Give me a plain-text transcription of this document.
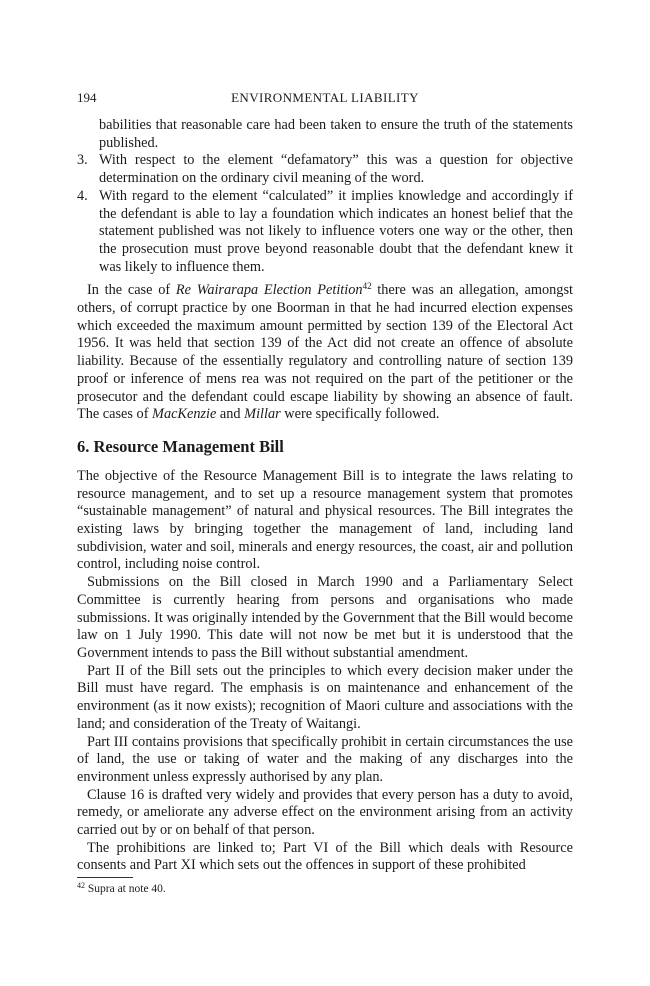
194	ENVIRONMENTAL LIABILITY

babilities that reasonable care had been taken to ensure the truth of the statements published.

3. With respect to the element “defamatory” this was a question for objective determination on the ordinary civil meaning of the word.

4. With regard to the element “calculated” it implies knowledge and accordingly if the defendant is able to lay a foundation which indicates an honest belief that the statement published was not likely to influence voters one way or the other, then the prosecution must prove beyond reasonable doubt that the defendant knew it was likely to influence them.

In the case of Re Wairarapa Election Petition$^{42}$ there was an allegation, amongst others, of corrupt practice by one Boorman in that he had incurred election expenses which exceeded the maximum amount permitted by section 139 of the Electoral Act 1956. It was held that section 139 of the Act did not create an offence of absolute liability. Because of the essentially regulatory and controlling nature of section 139 proof or inference of mens rea was not required on the part of the petitioner or the prosecutor and the defendant could escape liability by showing an absence of fault. The cases of MacKenzie and Millar were specifically followed.

6. Resource Management Bill

The objective of the Resource Management Bill is to integrate the laws relating to resource management, and to set up a resource management system that promotes “sustainable management” of natural and physical resources. The Bill integrates the existing laws by bringing together the management of land, including land subdivision, water and soil, minerals and energy resources, the coast, air and pollution control, including noise control.

Submissions on the Bill closed in March 1990 and a Parliamentary Select Committee is currently hearing from persons and organisations who made submissions. It was originally intended by the Government that the Bill would become law on 1 July 1990. This date will not now be met but it is understood that the Government intends to pass the Bill without substantial amendment.

Part II of the Bill sets out the principles to which every decision maker under the Bill must have regard. The emphasis is on maintenance and enhancement of the environment (as it now exists); recognition of Maori culture and associations with the land; and consideration of the Treaty of Waitangi.

Part III contains provisions that specifically prohibit in certain circumstances the use of land, the use or taking of water and the making of any discharges into the environment unless expressly authorised by any plan.

Clause 16 is drafted very widely and provides that every person has a duty to avoid, remedy, or ameliorate any adverse effect on the environment arising from an activity carried out by or on behalf of that person.

The prohibitions are linked to; Part VI of the Bill which deals with Resource consents and Part XI which sets out the offences in support of these prohibited

$^{42}$ Supra at note 40.
